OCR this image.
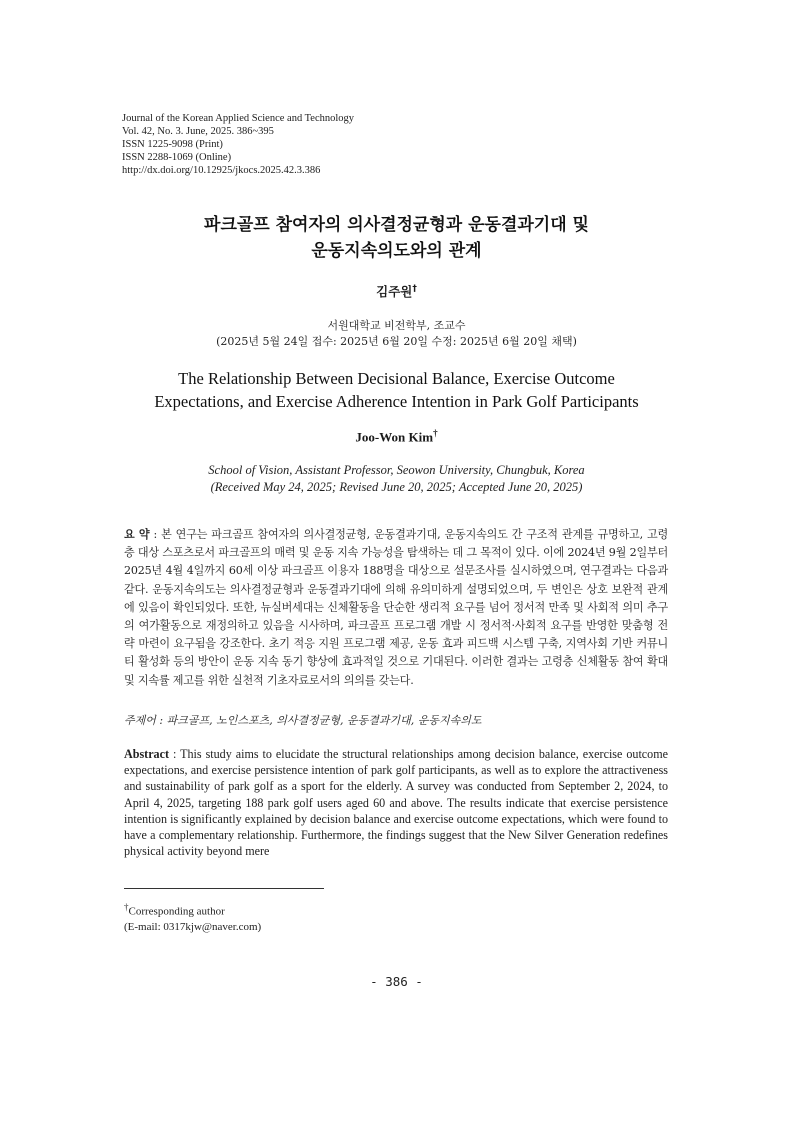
Journal of the Korean Applied Science and Technology
Vol. 42, No. 3. June, 2025. 386~395
ISSN 1225-9098 (Print)
ISSN 2288-1069 (Online)
http://dx.doi.org/10.12925/jkocs.2025.42.3.386
파크골프 참여자의 의사결정균형과 운동결과기대 및
운동지속의도와의 관계
김주원†
서원대학교 비전학부, 조교수
(2025년 5월 24일 접수: 2025년 6월 20일 수정: 2025년 6월 20일 채택)
The Relationship Between Decisional Balance, Exercise Outcome
Expectations, and Exercise Adherence Intention in Park Golf Participants
Joo-Won Kim†
School of Vision, Assistant Professor, Seowon University, Chungbuk, Korea
(Received May 24, 2025; Revised June 20, 2025; Accepted June 20, 2025)
요 약 : 본 연구는 파크골프 참여자의 의사결정균형, 운동결과기대, 운동지속의도 간 구조적 관계를 규명하고, 고령층 대상 스포츠로서 파크골프의 매력 및 운동 지속 가능성을 탐색하는 데 그 목적이 있다. 이에 2024년 9월 2일부터 2025년 4월 4일까지 60세 이상 파크골프 이용자 188명을 대상으로 설문조사를 실시하였으며, 연구결과는 다음과 같다. 운동지속의도는 의사결정균형과 운동결과기대에 의해 유의미하게 설명되었으며, 두 변인은 상호 보완적 관계에 있음이 확인되었다. 또한, 뉴실버세대는 신체활동을 단순한 생리적 요구를 넘어 정서적 만족 및 사회적 의미 추구의 여가활동으로 재정의하고 있음을 시사하며, 파크골프 프로그램 개발 시 정서적·사회적 요구를 반영한 맞춤형 전략 마련이 요구됨을 강조한다. 초기 적응 지원 프로그램 제공, 운동 효과 피드백 시스템 구축, 지역사회 기반 커뮤니티 활성화 등의 방안이 운동 지속 동기 향상에 효과적일 것으로 기대된다. 이러한 결과는 고령층 신체활동 참여 확대 및 지속률 제고를 위한 실천적 기초자료로서의 의의를 갖는다.
주제어 : 파크골프, 노인스포츠, 의사결정균형, 운동결과기대, 운동지속의도
Abstract : This study aims to elucidate the structural relationships among decision balance, exercise outcome expectations, and exercise persistence intention of park golf participants, as well as to explore the attractiveness and sustainability of park golf as a sport for the elderly. A survey was conducted from September 2, 2024, to April 4, 2025, targeting 188 park golf users aged 60 and above. The results indicate that exercise persistence intention is significantly explained by decision balance and exercise outcome expectations, which were found to have a complementary relationship. Furthermore, the findings suggest that the New Silver Generation redefines physical activity beyond mere
†Corresponding author
(E-mail: 0317kjw@naver.com)
- 386 -
